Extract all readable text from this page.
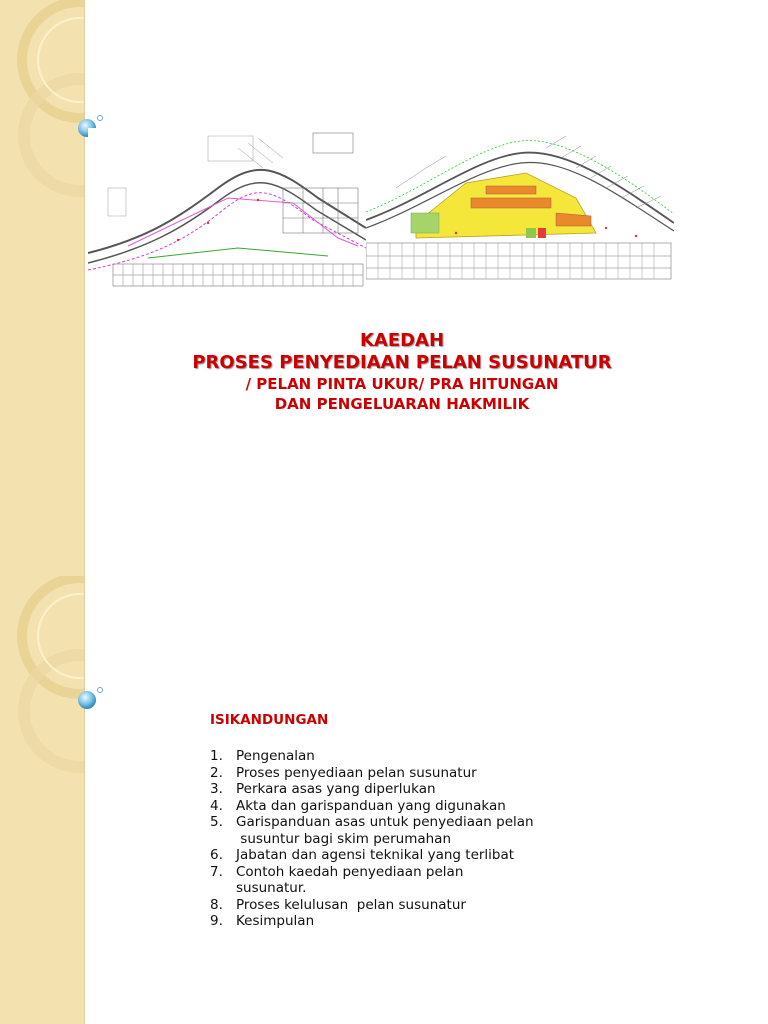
KAEDAH
PROSES PENYEDIAAN PELAN SUSUNATUR
/ PELAN PINTA UKUR/ PRA HITUNGAN
DAN PENGELUARAN HAKMILIK
ISIKANDUNGAN
1. Pengenalan
2. Proses penyediaan pelan susunatur
3. Perkara asas yang diperlukan
4. Akta dan garispanduan yang digunakan
5. Garispanduan asas untuk penyediaan pelan
susuntur bagi skim perumahan
6. Jabatan dan agensi teknikal yang terlibat
7. Contoh kaedah penyediaan pelan
susunatur.
8. Proses kelulusan  pelan susunatur
9. Kesimpulan
